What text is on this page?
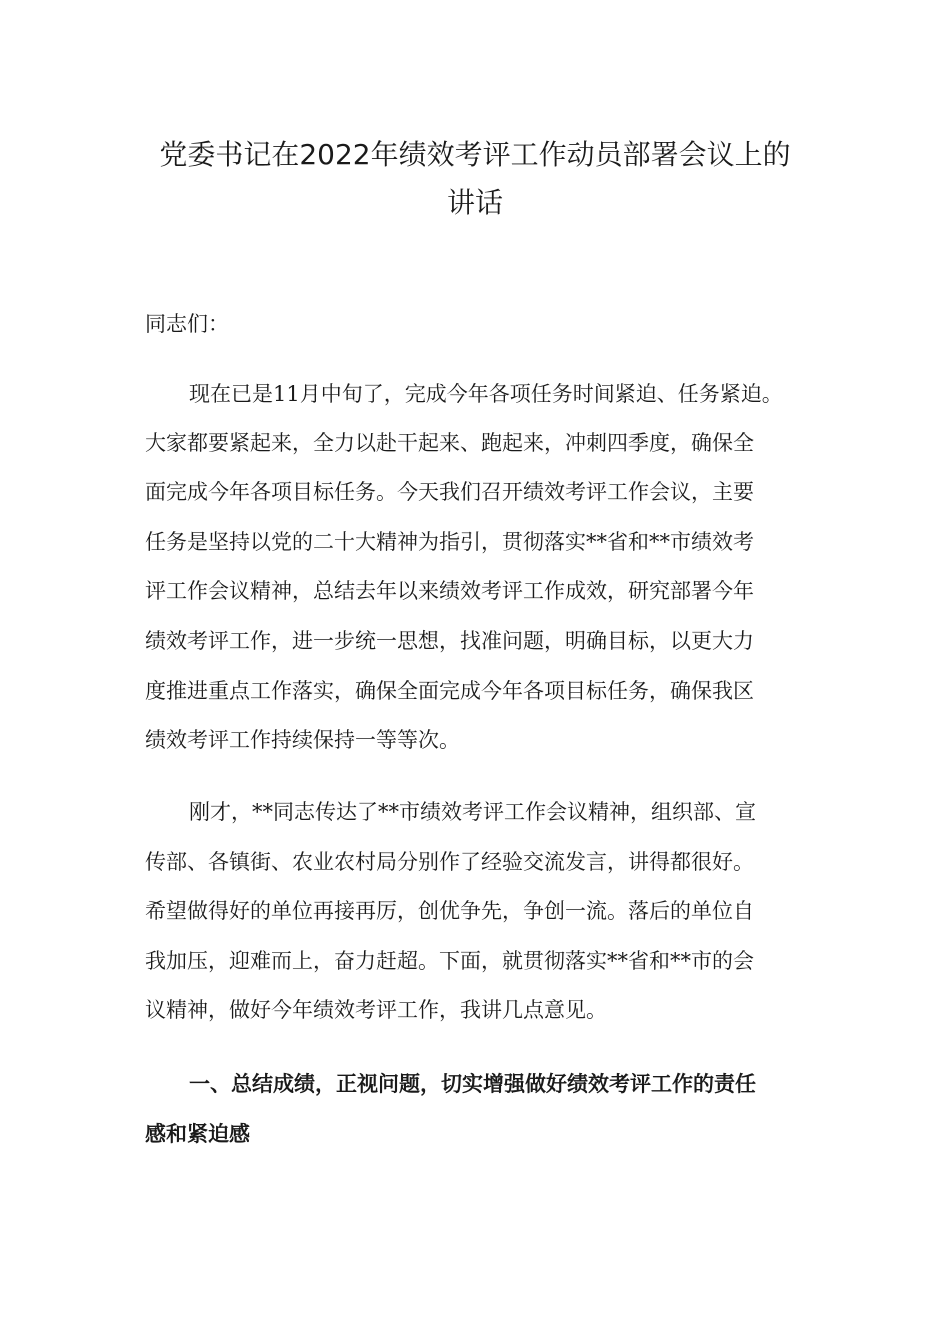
党委书记在2022年绩效考评工作动员部署会议上的
讲话

同志们：

现在已是11月中旬了，完成今年各项任务时间紧迫、任务紧迫。

大家都要紧起来，全力以赴干起来、跑起来，冲刺四季度，确保全

面完成今年各项目标任务。今天我们召开绩效考评工作会议，主要

任务是坚持以党的二十大精神为指引，贯彻落实**省和**市绩效考

评工作会议精神，总结去年以来绩效考评工作成效，研究部署今年

绩效考评工作，进一步统一思想，找准问题，明确目标，以更大力

度推进重点工作落实，确保全面完成今年各项目标任务，确保我区

绩效考评工作持续保持一等等次。

刚才，**同志传达了**市绩效考评工作会议精神，组织部、宣

传部、各镇街、农业农村局分别作了经验交流发言，讲得都很好。

希望做得好的单位再接再厉，创优争先，争创一流。落后的单位自

我加压，迎难而上，奋力赶超。下面，就贯彻落实**省和**市的会

议精神，做好今年绩效考评工作，我讲几点意见。

一、总结成绩，正视问题，切实增强做好绩效考评工作的责任

感和紧迫感
